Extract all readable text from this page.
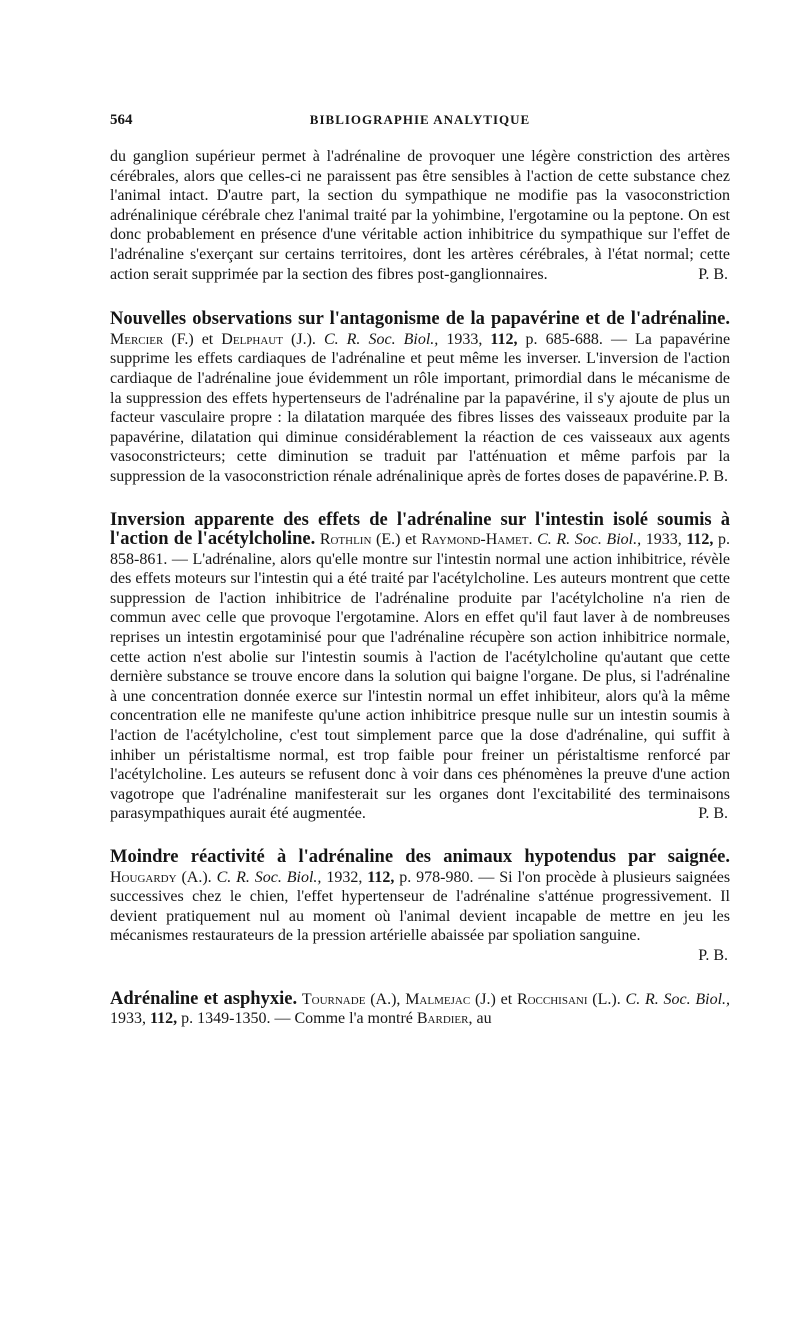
564	BIBLIOGRAPHIE ANALYTIQUE

du ganglion supérieur permet à l'adrénaline de provoquer une légère constriction des artères cérébrales, alors que celles-ci ne paraissent pas être sensibles à l'action de cette substance chez l'animal intact. D'autre part, la section du sympathique ne modifie pas la vasoconstriction adrénalinique cérébrale chez l'animal traité par la yohimbine, l'ergotamine ou la peptone. On est donc probablement en présence d'une véritable action inhibitrice du sympathique sur l'effet de l'adrénaline s'exerçant sur certains territoires, dont les artères cérébrales, à l'état normal; cette action serait supprimée par la section des fibres post-ganglionnaires.	P. B.

Nouvelles observations sur l'antagonisme de la papavérine et de l'adrénaline. Mercier (F.) et Delphaut (J.). C. R. Soc. Biol., 1933, 112, p. 685-688. — La papavérine supprime les effets cardiaques de l'adrénaline et peut même les inverser. L'inversion de l'action cardiaque de l'adrénaline joue évidemment un rôle important, primordial dans le mécanisme de la suppression des effets hypertenseurs de l'adrénaline par la papavérine, il s'y ajoute de plus un facteur vasculaire propre : la dilatation marquée des fibres lisses des vaisseaux produite par la papavérine, dilatation qui diminue considérablement la réaction de ces vaisseaux aux agents vasoconstricteurs; cette diminution se traduit par l'atténuation et même parfois par la suppression de la vasoconstriction rénale adrénalinique après de fortes doses de papavérine. P. B.

Inversion apparente des effets de l'adrénaline sur l'intestin isolé soumis à l'action de l'acétylcholine. Rothlin (E.) et Raymond-Hamet. C. R. Soc. Biol., 1933, 112, p. 858-861. — L'adrénaline, alors qu'elle montre sur l'intestin normal une action inhibitrice, révèle des effets moteurs sur l'intestin qui a été traité par l'acétylcholine. Les auteurs montrent que cette suppression de l'action inhibitrice de l'adrénaline produite par l'acétylcholine n'a rien de commun avec celle que provoque l'ergotamine. Alors en effet qu'il faut laver à de nombreuses reprises un intestin ergotaminisé pour que l'adrénaline récupère son action inhibitrice normale, cette action n'est abolie sur l'intestin soumis à l'action de l'acétylcholine qu'autant que cette dernière substance se trouve encore dans la solution qui baigne l'organe. De plus, si l'adrénaline à une concentration donnée exerce sur l'intestin normal un effet inhibiteur, alors qu'à la même concentration elle ne manifeste qu'une action inhibitrice presque nulle sur un intestin soumis à l'action de l'acétylcholine, c'est tout simplement parce que la dose d'adrénaline, qui suffit à inhiber un péristaltisme normal, est trop faible pour freiner un péristaltisme renforcé par l'acétylcholine. Les auteurs se refusent donc à voir dans ces phénomènes la preuve d'une action vagotrope que l'adrénaline manifesterait sur les organes dont l'excitabilité des terminaisons parasympathiques aurait été augmentée.	P. B.

Moindre réactivité à l'adrénaline des animaux hypotendus par saignée. Hougardy (A.). C. R. Soc. Biol., 1932, 112, p. 978-980. — Si l'on procède à plusieurs saignées successives chez le chien, l'effet hypertenseur de l'adrénaline s'atténue progressivement. Il devient pratiquement nul au moment où l'animal devient incapable de mettre en jeu les mécanismes restaurateurs de la pression artérielle abaissée par spoliation sanguine.
P. B.

Adrénaline et asphyxie. Tournade (A.), Malmejac (J.) et Rocchisani (L.). C. R. Soc. Biol., 1933, 112, p. 1349-1350. — Comme l'a montré Bardier, au
